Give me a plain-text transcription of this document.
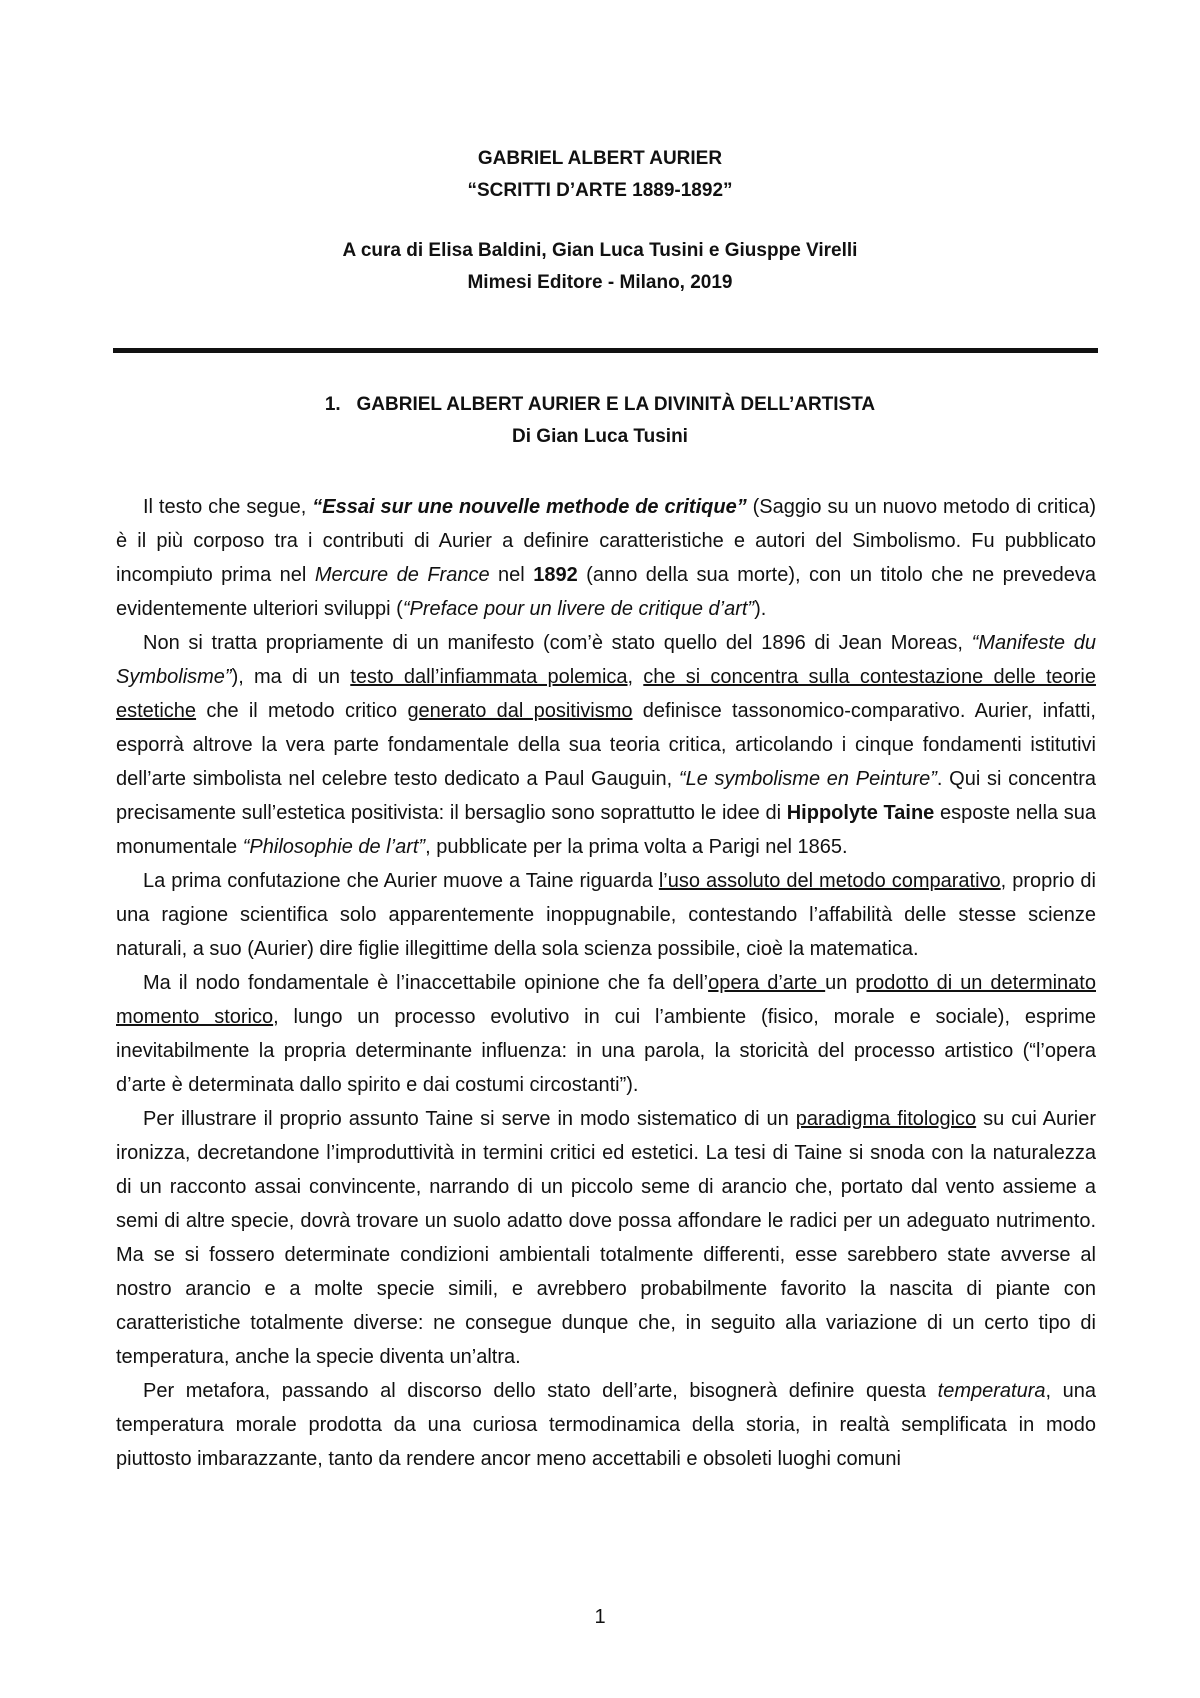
GABRIEL ALBERT AURIER
“SCRITTI D’ARTE 1889-1892”
A cura di Elisa Baldini, Gian Luca Tusini e Giusppe Virelli
Mimesi Editore - Milano, 2019
1.   GABRIEL ALBERT AURIER E LA DIVINITÀ DELL’ARTISTA
Di Gian Luca Tusini

Il testo che segue, “Essai sur une nouvelle methode de critique” (Saggio su un nuovo metodo di critica) è il più corposo tra i contributi di Aurier a definire caratteristiche e autori del Simbolismo. Fu pubblicato incompiuto prima nel Mercure de France nel 1892 (anno della sua morte), con un titolo che ne prevedeva evidentemente ulteriori sviluppi (“Preface pour un livere de critique d’art”).

Non si tratta propriamente di un manifesto (com’è stato quello del 1896 di Jean Moreas, “Manifeste du Symbolisme”), ma di un testo dall’infiammata polemica, che si concentra sulla contestazione delle teorie estetiche che il metodo critico generato dal positivismo definisce tassonomico-comparativo. Aurier, infatti, esporrà altrove la vera parte fondamentale della sua teoria critica, articolando i cinque fondamenti istitutivi dell’arte simbolista nel celebre testo dedicato a Paul Gauguin, “Le symbolisme en Peinture”. Qui si concentra precisamente sull’estetica positivista: il bersaglio sono soprattutto le idee di Hippolyte Taine esposte nella sua monumentale “Philosophie de l’art”, pubblicate per la prima volta a Parigi nel 1865.

La prima confutazione che Aurier muove a Taine riguarda l’uso assoluto del metodo comparativo, proprio di una ragione scientifica solo apparentemente inoppugnabile, contestando l’affabilità delle stesse scienze naturali, a suo (Aurier) dire figlie illegittime della sola scienza possibile, cioè la matematica.

Ma il nodo fondamentale è l’inaccettabile opinione che fa dell’opera d’arte un prodotto di un determinato momento storico, lungo un processo evolutivo in cui l’ambiente (fisico, morale e sociale), esprime inevitabilmente la propria determinante influenza: in una parola, la storicità del processo artistico (“l’opera d’arte è determinata dallo spirito e dai costumi circostanti”).

Per illustrare il proprio assunto Taine si serve in modo sistematico di un paradigma fitologico su cui Aurier ironizza, decretandone l’improduttività in termini critici ed estetici. La tesi di Taine si snoda con la naturalezza di un racconto assai convincente, narrando di un piccolo seme di arancio che, portato dal vento assieme a semi di altre specie, dovrà trovare un suolo adatto dove possa affondare le radici per un adeguato nutrimento. Ma se si fossero determinate condizioni ambientali totalmente differenti, esse sarebbero state avverse al nostro arancio e a molte specie simili, e avrebbero probabilmente favorito la nascita di piante con caratteristiche totalmente diverse: ne consegue dunque che, in seguito alla variazione di un certo tipo di temperatura, anche la specie diventa un’altra.

Per metafora, passando al discorso dello stato dell’arte, bisognerà definire questa temperatura, una temperatura morale prodotta da una curiosa termodinamica della storia, in realtà semplificata in modo piuttosto imbarazzante, tanto da rendere ancor meno accettabili e obsoleti luoghi comuni

1
